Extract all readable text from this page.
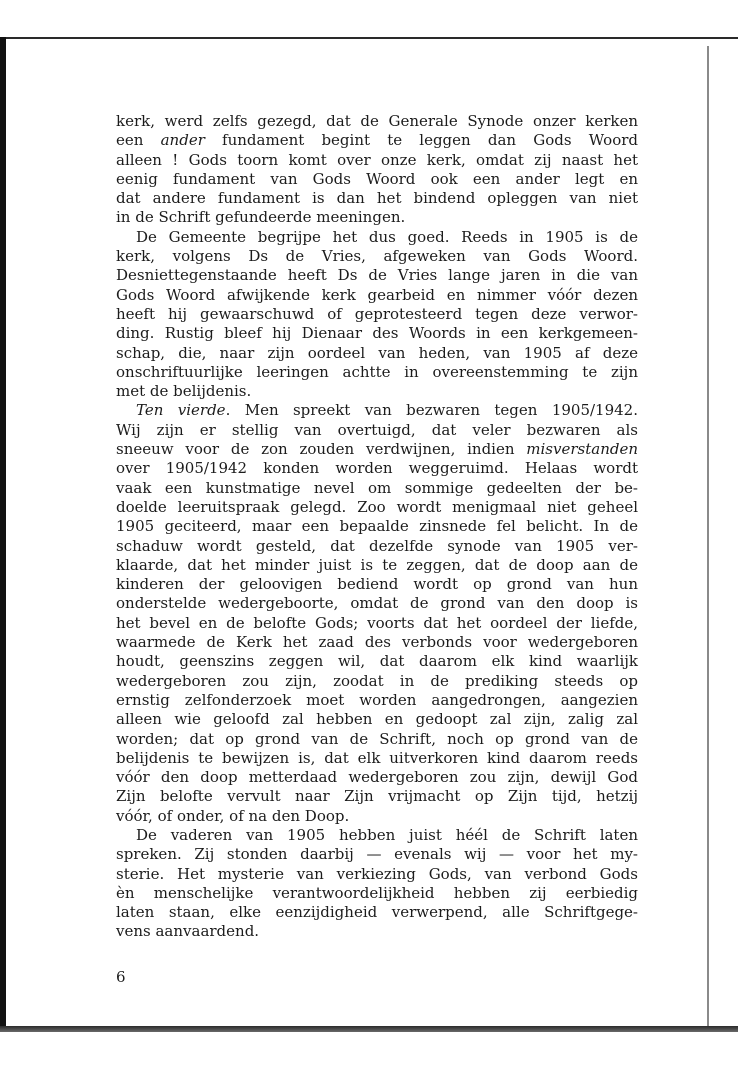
kerk, werd zelfs gezegd, dat de Generale Synode onzer kerken
een ander fundament begint te leggen dan Gods Woord
alleen ! Gods toorn komt over onze kerk, omdat zij naast het
eenig fundament van Gods Woord ook een ander legt en
dat andere fundament is dan het bindend opleggen van niet
in de Schrift gefundeerde meeningen.
De Gemeente begrijpe het dus goed. Reeds in 1905 is de
kerk, volgens Ds de Vries, afgeweken van Gods Woord.
Desniettegenstaande heeft Ds de Vries lange jaren in die van
Gods Woord afwijkende kerk gearbeid en nimmer vóór dezen
heeft hij gewaarschuwd of geprotesteerd tegen deze verwor-
ding. Rustig bleef hij Dienaar des Woords in een kerkgemeen-
schap, die, naar zijn oordeel van heden, van 1905 af deze
onschriftuurlijke leeringen achtte in overeenstemming te zijn
met de belijdenis.
Ten vierde. Men spreekt van bezwaren tegen 1905/1942.
Wij zijn er stellig van overtuigd, dat veler bezwaren als
sneeuw voor de zon zouden verdwijnen, indien misverstanden
over 1905/1942 konden worden weggeruimd. Helaas wordt
vaak een kunstmatige nevel om sommige gedeelten der be-
doelde leeruitspraak gelegd. Zoo wordt menigmaal niet geheel
1905 geciteerd, maar een bepaalde zinsnede fel belicht. In de
schaduw wordt gesteld, dat dezelfde synode van 1905 ver-
klaarde, dat het minder juist is te zeggen, dat de doop aan de
kinderen der geloovigen bediend wordt op grond van hun
onderstelde wedergeboorte, omdat de grond van den doop is
het bevel en de belofte Gods; voorts dat het oordeel der liefde,
waarmede de Kerk het zaad des verbonds voor wedergeboren
houdt, geenszins zeggen wil, dat daarom elk kind waarlijk
wedergeboren zou zijn, zoodat in de prediking steeds op
ernstig zelfonderzoek moet worden aangedrongen, aangezien
alleen wie geloofd zal hebben en gedoopt zal zijn, zalig zal
worden; dat op grond van de Schrift, noch op grond van de
belijdenis te bewijzen is, dat elk uitverkoren kind daarom reeds
vóór den doop metterdaad wedergeboren zou zijn, dewijl God
Zijn belofte vervult naar Zijn vrijmacht op Zijn tijd, hetzij
vóór, of onder, of na den Doop.
De vaderen van 1905 hebben juist héél de Schrift laten
spreken. Zij stonden daarbij — evenals wij — voor het my-
sterie. Het mysterie van verkiezing Gods, van verbond Gods
èn menschelijke verantwoordelijkheid hebben zij eerbiedig
laten staan, elke eenzijdigheid verwerpend, alle Schriftgege-
vens aanvaardend.
6
